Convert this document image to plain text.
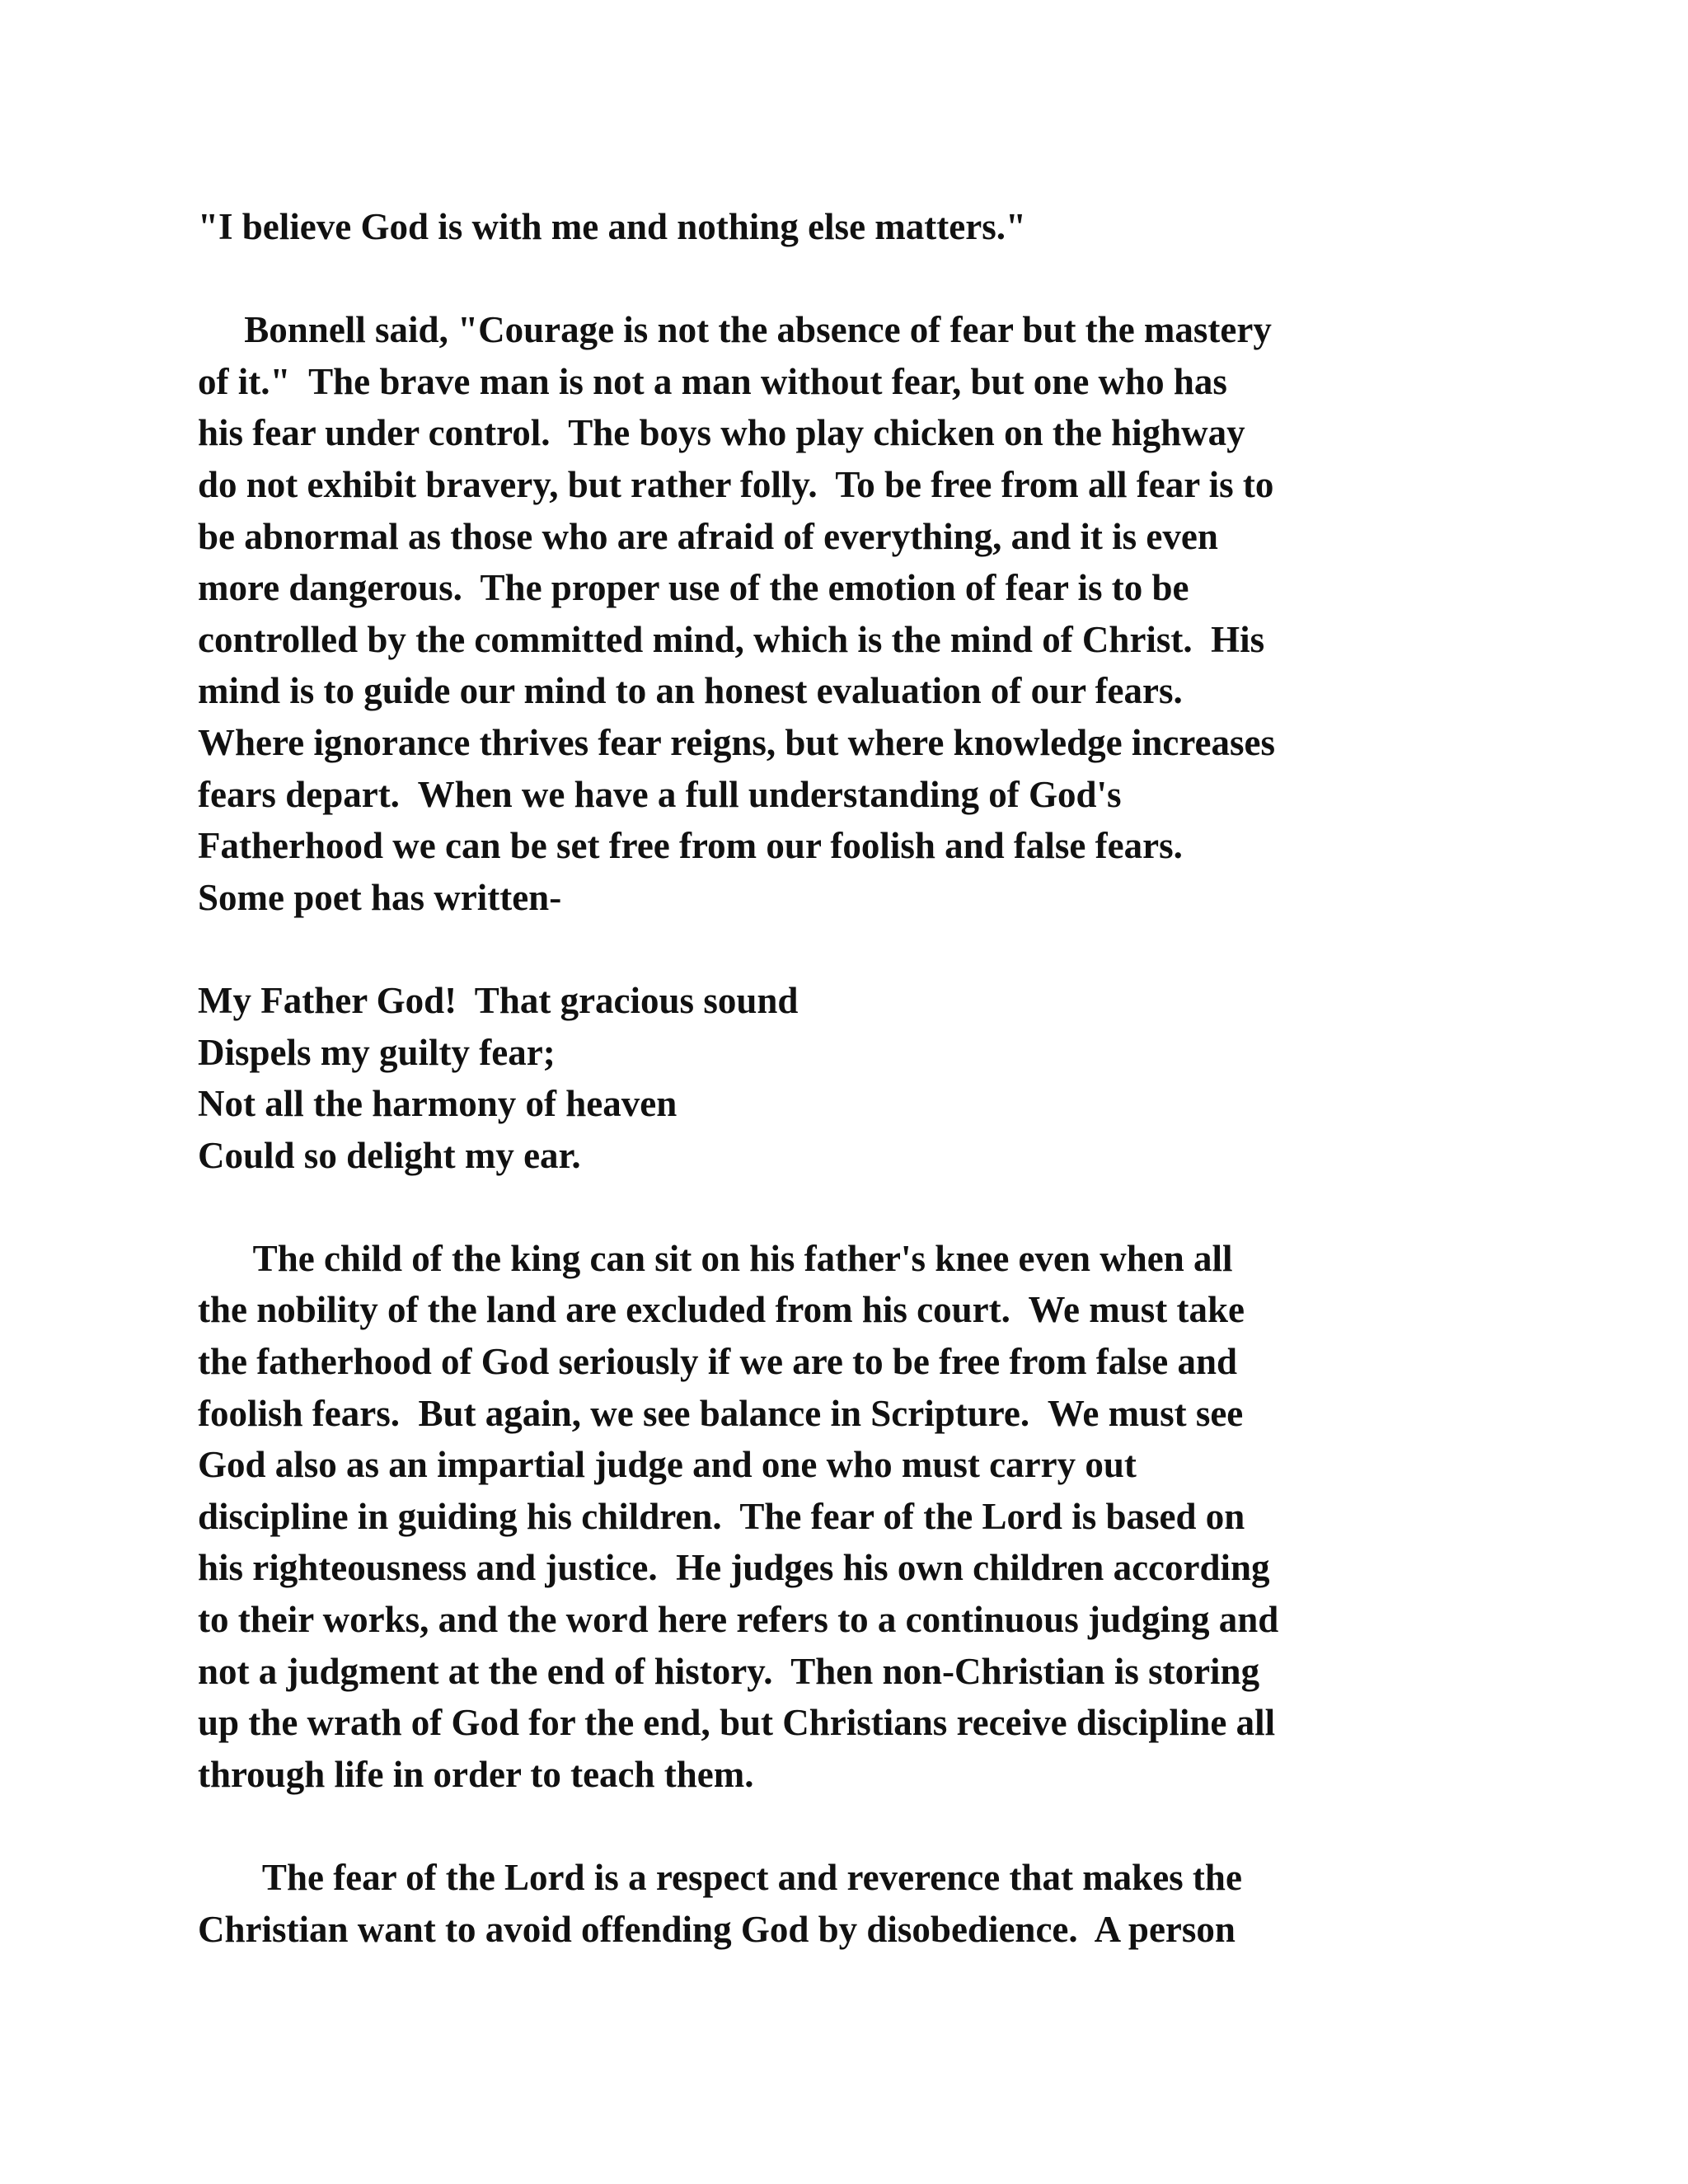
"I believe God is with me and nothing else matters."
Bonnell said, "Courage is not the absence of fear but the mastery
of it."  The brave man is not a man without fear, but one who has
his fear under control.  The boys who play chicken on the highway
do not exhibit bravery, but rather folly.  To be free from all fear is to
be abnormal as those who are afraid of everything, and it is even
more dangerous.  The proper use of the emotion of fear is to be
controlled by the committed mind, which is the mind of Christ.  His
mind is to guide our mind to an honest evaluation of our fears.
Where ignorance thrives fear reigns, but where knowledge increases
fears depart.  When we have a full understanding of God's
Fatherhood we can be set free from our foolish and false fears.
Some poet has written-
My Father God!  That gracious sound
Dispels my guilty fear;
Not all the harmony of heaven
Could so delight my ear.
The child of the king can sit on his father's knee even when all
the nobility of the land are excluded from his court.  We must take
the fatherhood of God seriously if we are to be free from false and
foolish fears.  But again, we see balance in Scripture.  We must see
God also as an impartial judge and one who must carry out
discipline in guiding his children.  The fear of the Lord is based on
his righteousness and justice.  He judges his own children according
to their works, and the word here refers to a continuous judging and
not a judgment at the end of history.  Then non-Christian is storing
up the wrath of God for the end, but Christians receive discipline all
through life in order to teach them.
The fear of the Lord is a respect and reverence that makes the
Christian want to avoid offending God by disobedience.  A person
